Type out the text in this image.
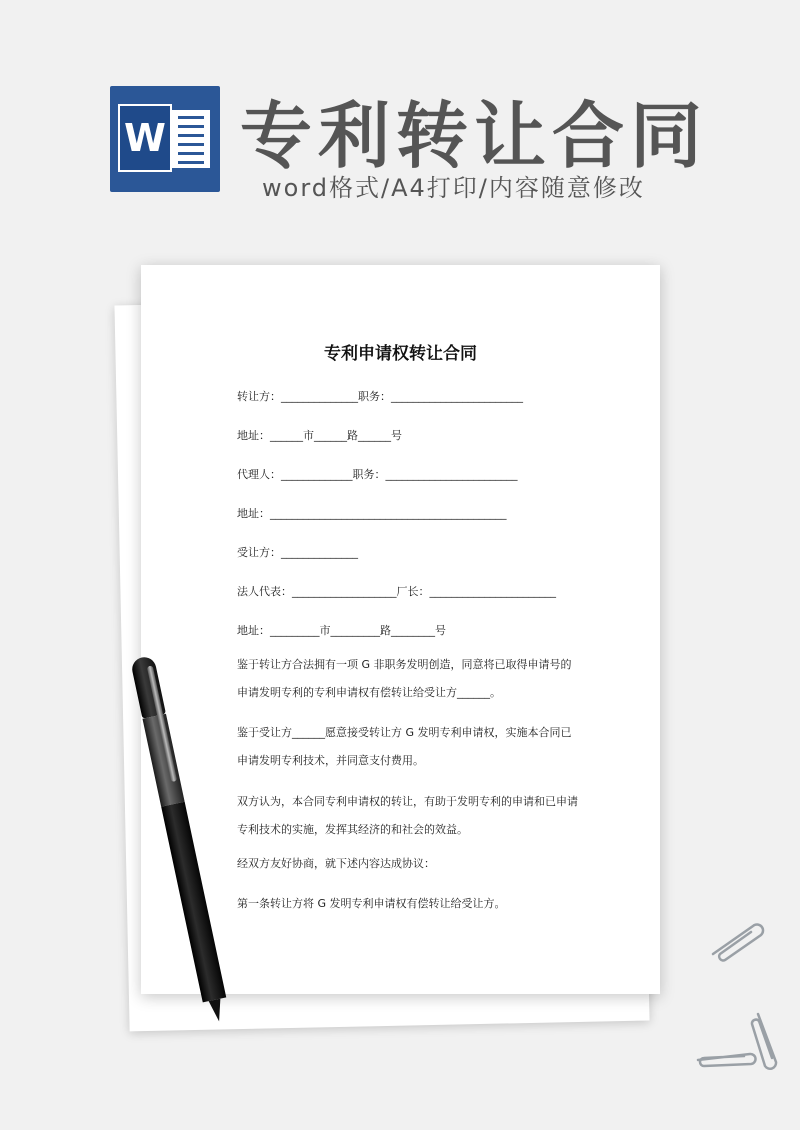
W 专利转让合同
word格式/A4打印/内容随意修改
专利申请权转让合同
转让方：______________职务：________________________
地址：______市______路______号
代理人：_____________职务：________________________
地址：___________________________________________
受让方：______________
法人代表：___________________厂长：_______________________
地址：_________市_________路________号

鉴于转让方合法拥有一项 G 非职务发明创造，同意将已取得申请号的申请发明专利的专利申请权有偿转让给受让方______。

鉴于受让方______愿意接受转让方 G 发明专利申请权，实施本合同已申请发明专利技术，并同意支付费用。

双方认为，本合同专利申请权的转让，有助于发明专利的申请和已申请专利技术的实施，发挥其经济的和社会的效益。

经双方友好协商，就下述内容达成协议：

第一条转让方将 G 发明专利申请权有偿转让给受让方。
